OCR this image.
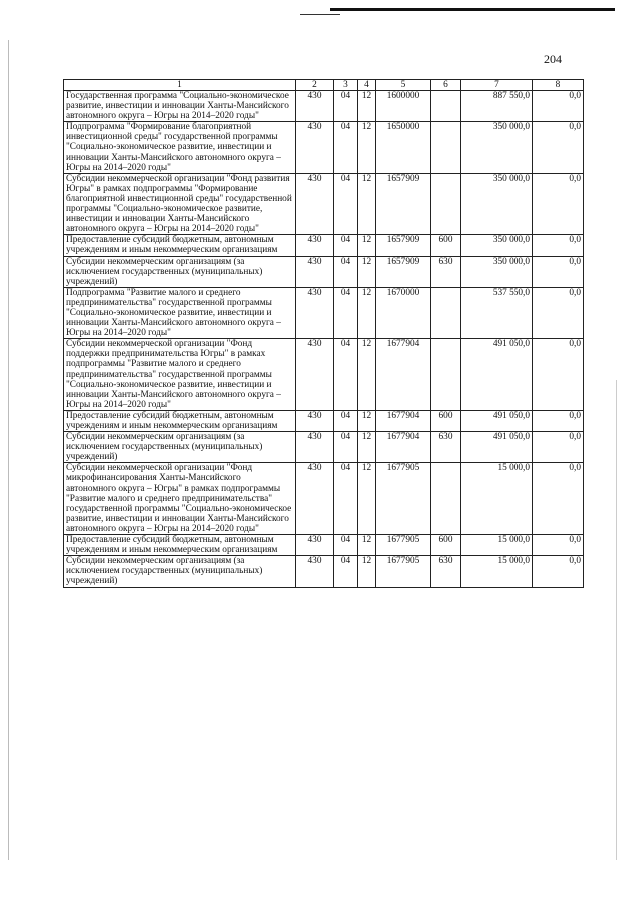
204
1	2	3	4	5	6	7	8
Государственная программа "Социально-экономическое развитие, инвестиции и инновации Ханты-Мансийского автономного округа – Югры на 2014–2020 годы"	430	04	12	1600000		887 550,0	0,0
Подпрограмма "Формирование благоприятной инвестиционной среды" государственной программы "Социально-экономическое развитие, инвестиции и инновации Ханты-Мансийского автономного округа – Югры на 2014–2020 годы"	430	04	12	1650000		350 000,0	0,0
Субсидии некоммерческой организации "Фонд развития Югры" в рамках подпрограммы "Формирование благоприятной инвестиционной среды" государственной программы "Социально-экономическое развитие, инвестиции и инновации Ханты-Мансийского автономного округа – Югры на 2014–2020 годы"	430	04	12	1657909		350 000,0	0,0
Предоставление субсидий бюджетным, автономным учреждениям и иным некоммерческим организациям	430	04	12	1657909	600	350 000,0	0,0
Субсидии некоммерческим организациям (за исключением государственных (муниципальных) учреждений)	430	04	12	1657909	630	350 000,0	0,0
Подпрограмма "Развитие малого и среднего предпринимательства" государственной программы "Социально-экономическое развитие, инвестиции и инновации Ханты-Мансийского автономного округа – Югры на 2014–2020 годы"	430	04	12	1670000		537 550,0	0,0
Субсидии некоммерческой организации "Фонд поддержки предпринимательства Югры" в рамках подпрограммы "Развитие малого и среднего предпринимательства" государственной программы "Социально-экономическое развитие, инвестиции и инновации Ханты-Мансийского автономного округа – Югры на 2014–2020 годы"	430	04	12	1677904		491 050,0	0,0
Предоставление субсидий бюджетным, автономным учреждениям и иным некоммерческим организациям	430	04	12	1677904	600	491 050,0	0,0
Субсидии некоммерческим организациям (за исключением государственных (муниципальных) учреждений)	430	04	12	1677904	630	491 050,0	0,0
Субсидии некоммерческой организации "Фонд микрофинансирования Ханты-Мансийского автономного округа – Югры" в рамках подпрограммы "Развитие малого и среднего предпринимательства" государственной программы "Социально-экономическое развитие, инвестиции и инновации Ханты-Мансийского автономного округа – Югры на 2014–2020 годы"	430	04	12	1677905		15 000,0	0,0
Предоставление субсидий бюджетным, автономным учреждениям и иным некоммерческим организациям	430	04	12	1677905	600	15 000,0	0,0
Субсидии некоммерческим организациям (за исключением государственных (муниципальных) учреждений)	430	04	12	1677905	630	15 000,0	0,0
